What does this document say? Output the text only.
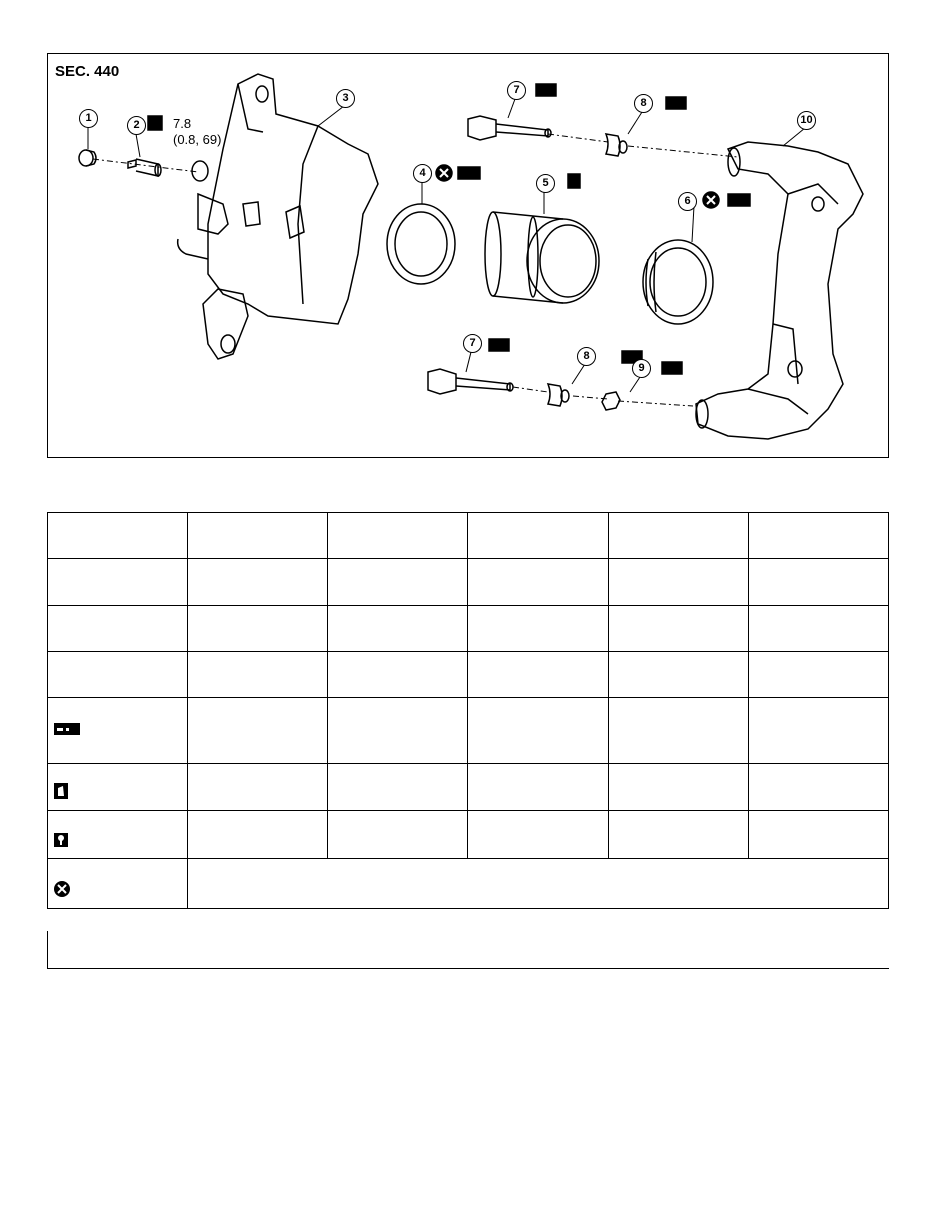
SEC. 440
7.8
(0.8, 69)
1
2
3
4
5
6
7
8
7
8
9
10
